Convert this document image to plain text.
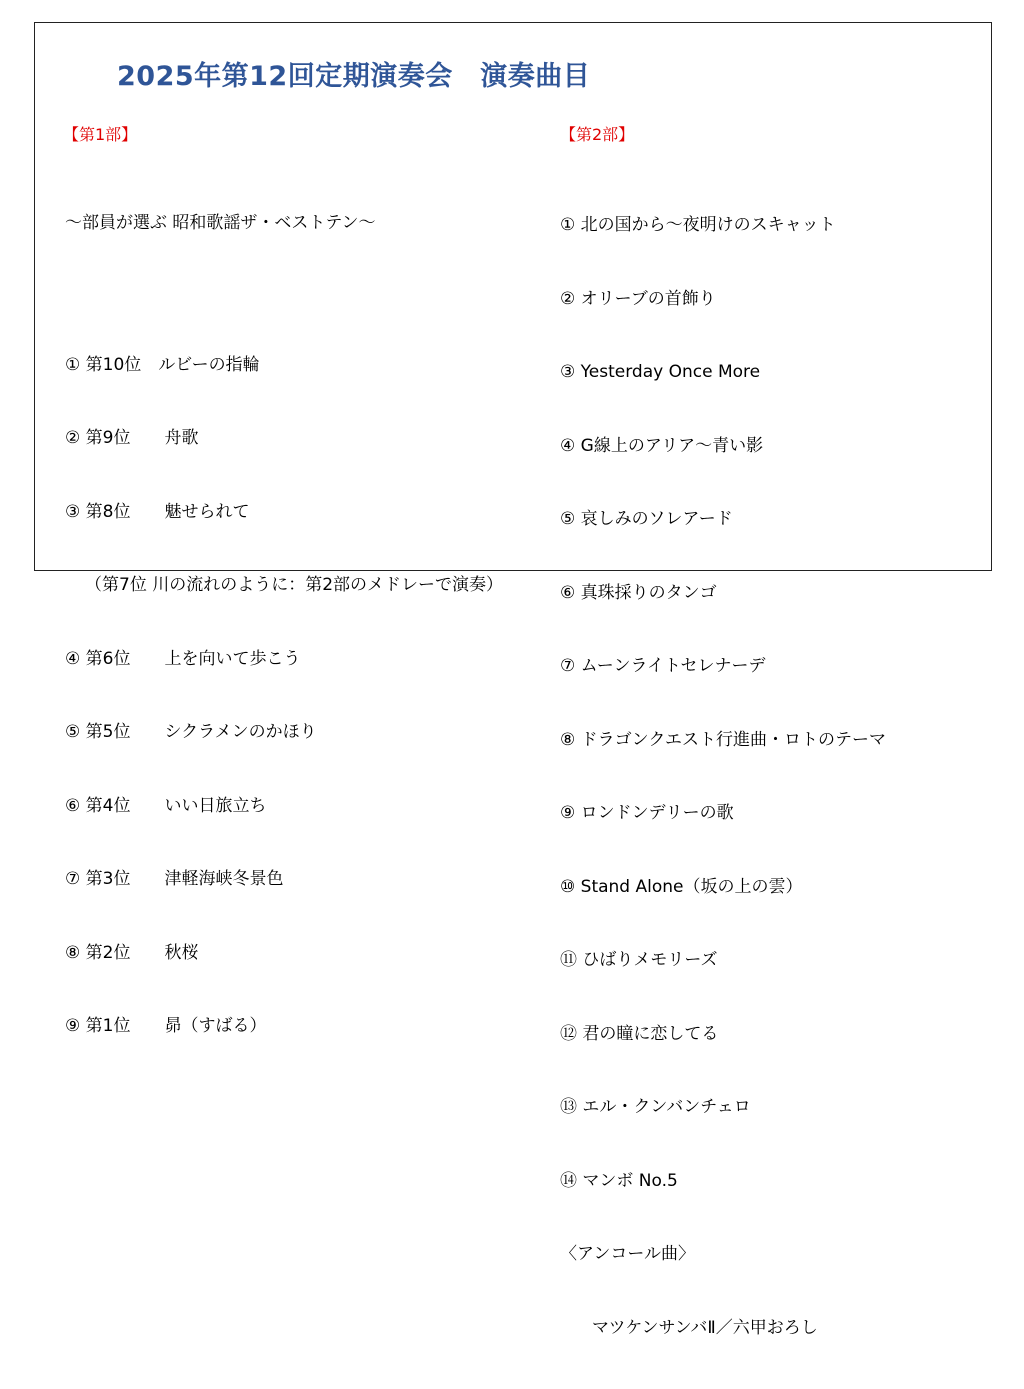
2025年第12回定期演奏会　演奏曲目
【第1部】	【第2部】

～部員が選ぶ 昭和歌謡ザ・ベストテン～

① 第10位　ルビーの指輪

② 第9位　　舟歌

③ 第8位　　魅せられて

（第7位 川の流れのように：第2部のメドレーで演奏）

④ 第6位　　上を向いて歩こう

⑤ 第5位　　シクラメンのかほり

⑥ 第4位　　いい日旅立ち

⑦ 第3位　　津軽海峡冬景色

⑧ 第2位　　秋桜

⑨ 第1位　　昴（すばる）

① 北の国から～夜明けのスキャット

② オリーブの首飾り

③ Yesterday Once More

④ G線上のアリア～青い影

⑤ 哀しみのソレアード

⑥ 真珠採りのタンゴ

⑦ ムーンライトセレナーデ

⑧ ドラゴンクエスト行進曲・ロトのテーマ

⑨ ロンドンデリーの歌

⑩ Stand Alone（坂の上の雲）

⑪ ひばりメモリーズ

⑫ 君の瞳に恋してる

⑬ エル・クンバンチェロ

⑭ マンボ No.5

〈アンコール曲〉

マツケンサンバⅡ／六甲おろし
